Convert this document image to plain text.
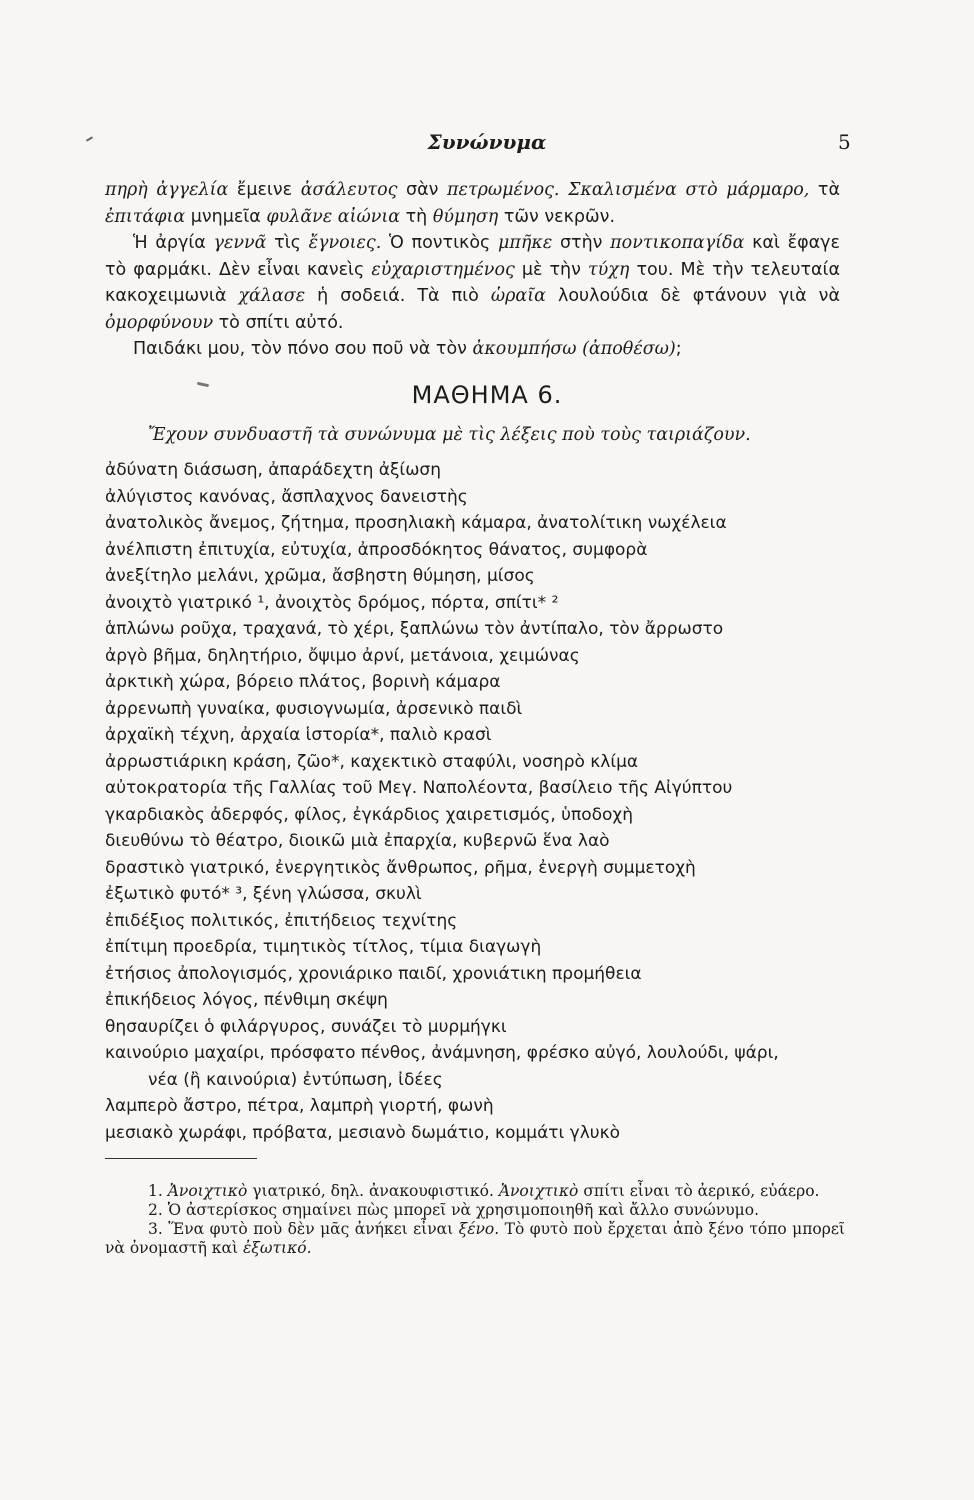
Συνώνυμα	5

πηρὴ ἀγγελία ἔμεινε ἀσάλευτος σὰν πετρωμένος. Σκαλισμένα στὸ μάρμαρο, τὰ ἐπιτάφια μνημεῖα φυλᾶνε αἰώνια τὴ θύμηση τῶν νεκρῶν.

Ἡ ἀργία γεννᾶ τὶς ἔγνοιες. Ὁ ποντικὸς μπῆκε στὴν ποντικοπαγίδα καὶ ἔφαγε τὸ φαρμάκι. Δὲν εἶναι κανεὶς εὐχαριστημένος μὲ τὴν τύχη του. Μὲ τὴν τελευταία κακοχειμωνιὰ χάλασε ἡ σοδειά. Τὰ πιὸ ὡραῖα λουλούδια δὲ φτάνουν γιὰ νὰ ὀμορφύνουν τὸ σπίτι αὐτό.

Παιδάκι μου, τὸν πόνο σου ποῦ νὰ τὸν ἀκουμπήσω (ἀποθέσω);

ΜΑΘΗΜΑ 6.
Ἔχουν συνδυαστῆ τὰ συνώνυμα μὲ τὶς λέξεις ποὺ τοὺς ταιριάζουν.
ἀδύνατη διάσωση, ἀπαράδεχτη ἀξίωση
ἀλύγιστος κανόνας, ἄσπλαχνος δανειστὴς
ἀνατολικὸς ἄνεμος, ζήτημα, προσηλιακὴ κάμαρα, ἀνατολίτικη νωχέλεια
ἀνέλπιστη ἐπιτυχία, εὐτυχία, ἀπροσδόκητος θάνατος, συμφορὰ
ἀνεξίτηλο μελάνι, χρῶμα, ἄσβηστη θύμηση, μίσος
ἀνοιχτὸ γιατρικό ¹, ἀνοιχτὸς δρόμος, πόρτα, σπίτι* ²
ἁπλώνω ροῦχα, τραχανά, τὸ χέρι, ξαπλώνω τὸν ἀντίπαλο, τὸν ἄρρωστο
ἀργὸ βῆμα, δηλητήριο, ὄψιμο ἀρνί, μετάνοια, χειμώνας
ἀρκτικὴ χώρα, βόρειο πλάτος, βορινὴ κάμαρα
ἀρρενωπὴ γυναίκα, φυσιογνωμία, ἀρσενικὸ παιδὶ
ἀρχαϊκὴ τέχνη, ἀρχαία ἱστορία*, παλιὸ κρασὶ
ἀρρωστιάρικη κράση, ζῶο*, καχεκτικὸ σταφύλι, νοσηρὸ κλίμα
αὐτοκρατορία τῆς Γαλλίας τοῦ Μεγ. Ναπολέοντα, βασίλειο τῆς Αἰγύπτου
γκαρδιακὸς ἀδερφός, φίλος, ἐγκάρδιος χαιρετισμός, ὑποδοχὴ
διευθύνω τὸ θέατρο, διοικῶ μιὰ ἐπαρχία, κυβερνῶ ἕνα λαὸ
δραστικὸ γιατρικό, ἐνεργητικὸς ἄνθρωπος, ρῆμα, ἐνεργὴ συμμετοχὴ
ἐξωτικὸ φυτό* ³, ξένη γλώσσα, σκυλὶ
ἐπιδέξιος πολιτικός, ἐπιτήδειος τεχνίτης
ἐπίτιμη προεδρία, τιμητικὸς τίτλος, τίμια διαγωγὴ
ἐτήσιος ἀπολογισμός, χρονιάρικο παιδί, χρονιάτικη προμήθεια
ἐπικήδειος λόγος, πένθιμη σκέψη
θησαυρίζει ὁ φιλάργυρος, συνάζει τὸ μυρμήγκι
καινούριο μαχαίρι, πρόσφατο πένθος, ἀνάμνηση, φρέσκο αὐγό, λουλούδι, ψάρι,
νέα (ἢ καινούρια) ἐντύπωση, ἰδέες
λαμπερὸ ἄστρο, πέτρα, λαμπρὴ γιορτή, φωνὴ
μεσιακὸ χωράφι, πρόβατα, μεσιανὸ δωμάτιο, κομμάτι γλυκὸ

1. Ἀνοιχτικὸ γιατρικό, δηλ. ἀνακουφιστικό. Ἀνοιχτικὸ σπίτι εἶναι τὸ ἀερικό, εὐάερο.

2. Ὁ ἀστερίσκος σημαίνει πὼς μπορεῖ νὰ χρησιμοποιηθῆ καὶ ἄλλο συνώνυμο.

3. Ἕνα φυτὸ ποὺ δὲν μᾶς ἀνήκει εἶναι ξένο. Τὸ φυτὸ ποὺ ἔρχεται ἀπὸ ξένο τόπο μπορεῖ νὰ ὀνομαστῆ καὶ ἐξωτικό.
